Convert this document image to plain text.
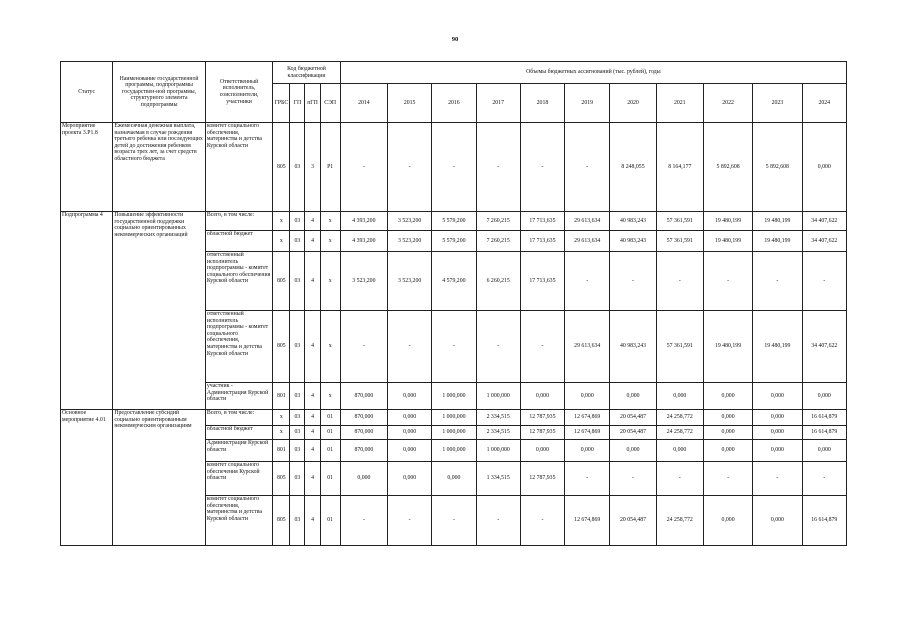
90
Статус	Наименование государственной программы, подпрограммы государствен-ной программы, структурного элемента подпрограммы	Ответственный исполнитель, соисполнители, участники	Код бюджетной классификации				Объемы бюджетных ассигнований (тыс. рублей), годы										
			ГРБС	ГП	пГП	СЭП	2014	2015	2016	2017	2018	2019	2020	2021	2022	2023	2024
Мероприятие проекта 3.Р1.8	Ежемесячная денежная выплата, назначаемая в случае рождения третьего ребенка или последующих детей до достижения ребенком возраста трех лет, за счет средств областного бюджета	комитет социального обеспечения, материнства и детства Курской области	805	03	3	Р1	-	-	-	-	-	-	8 248,055	8 164,177	5 892,608	5 892,608	0,000
Подпрограмма 4	Повышение эффективности государственной поддержки социально ориентированных некоммерческих организаций	Всего, в том числе:	х	03	4	х	4 393,200	3 523,200	5 579,200	7 260,215	17 713,635	29 613,634	40 983,243	57 361,591	19 480,199	19 480,199	34 407,622
		областной бюджет	х	03	4	х	4 393,200	3 523,200	5 579,200	7 260,215	17 713,635	29 613,634	40 983,243	57 361,591	19 480,199	19 480,199	34 407,622
		ответственный исполнитель подпрограммы - комитет социального обеспечения Курской области	805	03	4	х	3 523,200	3 523,200	4 579,200	6 260,215	17 713,635	-	-	-	-	-	-
		ответственный исполнитель подпрограммы - комитет социального обеспечения, материнства и детства Курской области	805	03	4	х	-	-	-	-	-	29 613,634	40 983,243	57 361,591	19 480,199	19 480,199	34 407,622
		участник - Администрация Курской области	801	03	4	х	870,000	0,000	1 000,000	1 000,000	0,000	0,000	0,000	0,000	0,000	0,000	0,000
Основное мероприятие 4.01	Предоставление субсидий социально ориентированным некоммерческим организациям	Всего, в том числе:	х	03	4	01	870,000	0,000	1 000,000	2 334,515	12 787,935	12 674,869	20 054,487	24 258,772	0,000	0,000	16 614,879
		областной бюджет	х	03	4	01	870,000	0,000	1 000,000	2 334,515	12 787,935	12 674,869	20 054,487	24 258,772	0,000	0,000	16 614,879
		Администрация Курской области	801	03	4	01	870,000	0,000	1 000,000	1 000,000	0,000	0,000	0,000	0,000	0,000	0,000	0,000
		комитет социального обеспечения Курской области	805	03	4	01	0,000	0,000	0,000	1 334,515	12 787,935	-	-	-	-	-	-
		комитет социального обеспечения, материнства и детства Курской области	805	03	4	01	-	-	-	-	-	12 674,869	20 054,487	24 258,772	0,000	0,000	16 614,879
